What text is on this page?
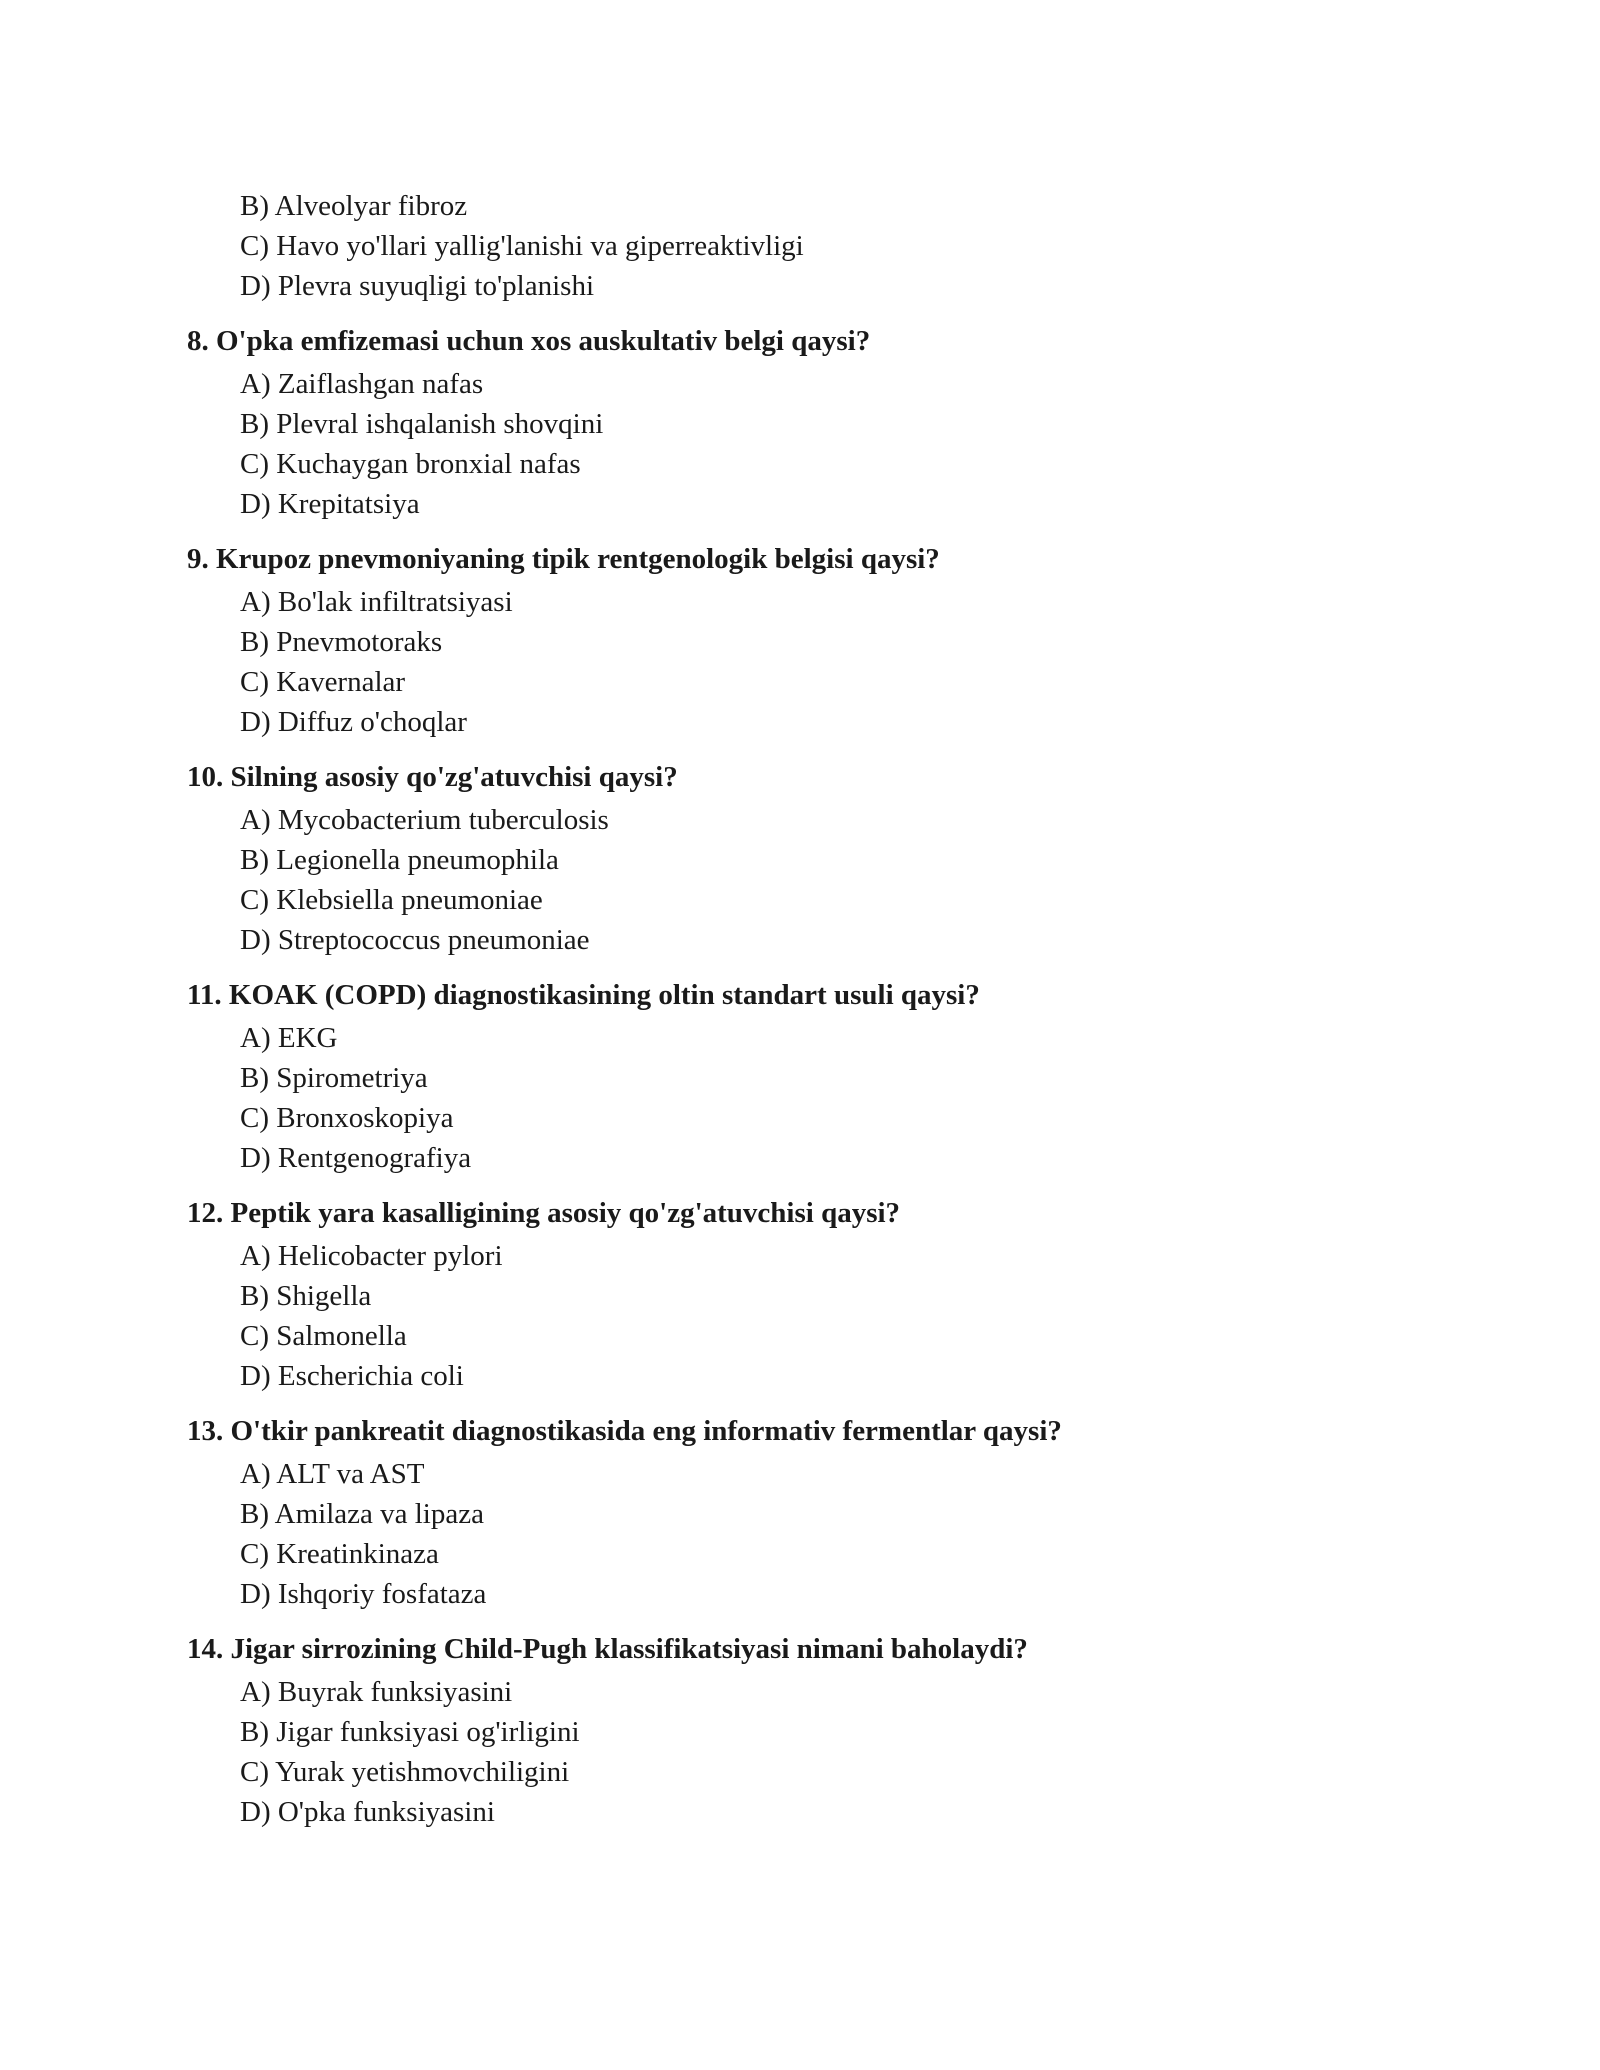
B) Alveolyar fibroz
C) Havo yo'llari yallig'lanishi va giperreaktivligi
D) Plevra suyuqligi to'planishi
8. O'pka emfizemasi uchun xos auskultativ belgi qaysi?
A) Zaiflashgan nafas
B) Plevral ishqalanish shovqini
C) Kuchaygan bronxial nafas
D) Krepitatsiya
9. Krupoz pnevmoniyaning tipik rentgenologik belgisi qaysi?
A) Bo'lak infiltratsiyasi
B) Pnevmotoraks
C) Kavernalar
D) Diffuz o'choqlar
10. Silning asosiy qo'zg'atuvchisi qaysi?
A) Mycobacterium tuberculosis
B) Legionella pneumophila
C) Klebsiella pneumoniae
D) Streptococcus pneumoniae
11. KOAK (COPD) diagnostikasining oltin standart usuli qaysi?
A) EKG
B) Spirometriya
C) Bronxoskopiya
D) Rentgenografiya
12. Peptik yara kasalligining asosiy qo'zg'atuvchisi qaysi?
A) Helicobacter pylori
B) Shigella
C) Salmonella
D) Escherichia coli
13. O'tkir pankreatit diagnostikasida eng informativ fermentlar qaysi?
A) ALT va AST
B) Amilaza va lipaza
C) Kreatinkinaza
D) Ishqoriy fosfataza
14. Jigar sirrozining Child-Pugh klassifikatsiyasi nimani baholaydi?
A) Buyrak funksiyasini
B) Jigar funksiyasi og'irligini
C) Yurak yetishmovchiligini
D) O'pka funksiyasini
